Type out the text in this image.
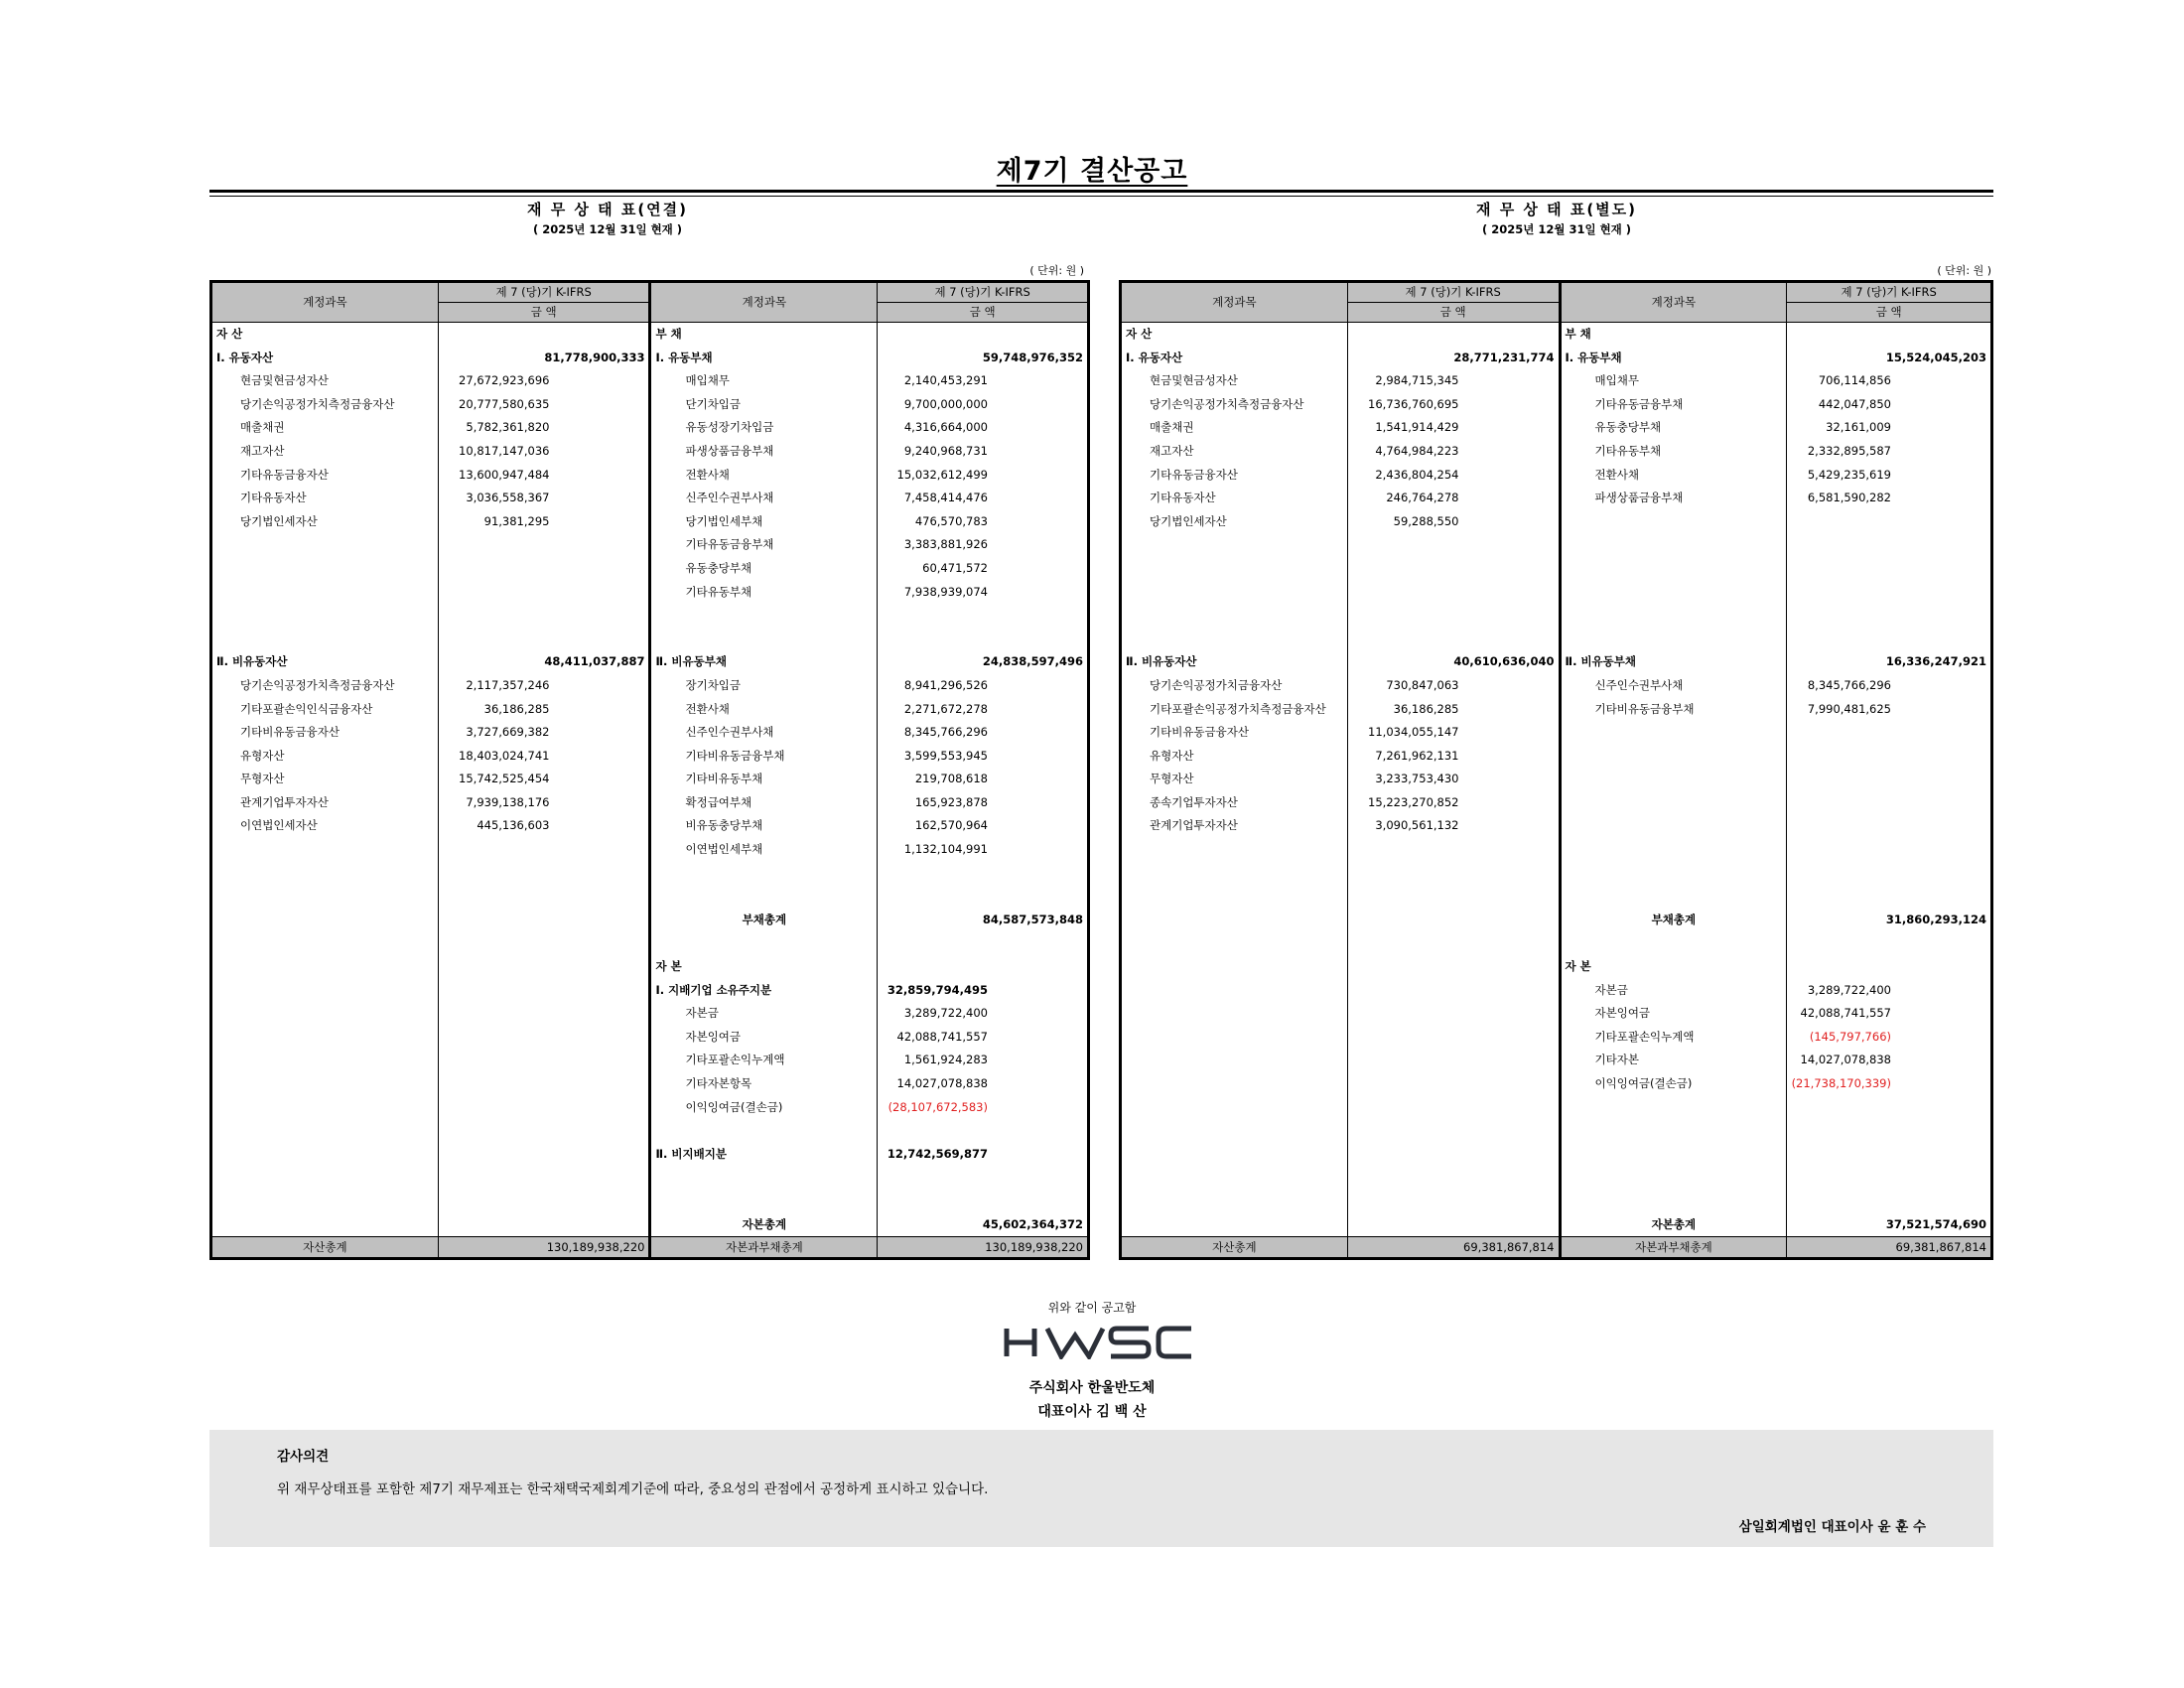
제7기 결산공고
재 무 상 태 표(연결)
( 2025년 12월 31일 현재 )
( 단위: 원 )
재 무 상 태 표(별도)
( 2025년 12월 31일 현재 )
( 단위: 원 )
계정과목	제 7 (당)기 K-IFRS	계정과목	제 7 (당)기 K-IFRS
	금 액		금 액
자 산		부 채	
Ⅰ. 유동자산	81,778,900,333	Ⅰ. 유동부채	59,748,976,352
현금및현금성자산	27,672,923,696	매입채무	2,140,453,291
당기손익공정가치측정금융자산	20,777,580,635	단기차입금	9,700,000,000
매출채권	5,782,361,820	유동성장기차입금	4,316,664,000
재고자산	10,817,147,036	파생상품금융부채	9,240,968,731
기타유동금융자산	13,600,947,484	전환사채	15,032,612,499
기타유동자산	3,036,558,367	신주인수권부사채	7,458,414,476
당기법인세자산	91,381,295	당기법인세부채	476,570,783
		기타유동금융부채	3,383,881,926
		유동충당부채	60,471,572
		기타유동부채	7,938,939,074

Ⅱ. 비유동자산	48,411,037,887	Ⅱ. 비유동부채	24,838,597,496
당기손익공정가치측정금융자산	2,117,357,246	장기차입금	8,941,296,526
기타포괄손익인식금융자산	36,186,285	전환사채	2,271,672,278
기타비유동금융자산	3,727,669,382	신주인수권부사채	8,345,766,296
유형자산	18,403,024,741	기타비유동금융부채	3,599,553,945
무형자산	15,742,525,454	기타비유동부채	219,708,618
관계기업투자자산	7,939,138,176	확정급여부채	165,923,878
이연법인세자산	445,136,603	비유동충당부채	162,570,964
		이연법인세부채	1,132,104,991

		부채총계	84,587,573,848

		자 본	
		Ⅰ. 지배기업 소유주지분	32,859,794,495
		자본금	3,289,722,400
		자본잉여금	42,088,741,557
		기타포괄손익누계액	1,561,924,283
		기타자본항목	14,027,078,838
		이익잉여금(결손금)	(28,107,672,583)

		Ⅱ. 비지배지분	12,742,569,877

		자본총계	45,602,364,372
자산총계	130,189,938,220	자본과부채총계	130,189,938,220
계정과목	제 7 (당)기 K-IFRS	계정과목	제 7 (당)기 K-IFRS
	금 액		금 액
자 산		부 채	
Ⅰ. 유동자산	28,771,231,774	Ⅰ. 유동부채	15,524,045,203
현금및현금성자산	2,984,715,345	매입채무	706,114,856
당기손익공정가치측정금융자산	16,736,760,695	기타유동금융부채	442,047,850
매출채권	1,541,914,429	유동충당부채	32,161,009
재고자산	4,764,984,223	기타유동부채	2,332,895,587
기타유동금융자산	2,436,804,254	전환사채	5,429,235,619
기타유동자산	246,764,278	파생상품금융부채	6,581,590,282
당기법인세자산	59,288,550		

Ⅱ. 비유동자산	40,610,636,040	Ⅱ. 비유동부채	16,336,247,921
당기손익공정가치금융자산	730,847,063	신주인수권부사채	8,345,766,296
기타포괄손익공정가치측정금융자산	36,186,285	기타비유동금융부채	7,990,481,625
기타비유동금융자산	11,034,055,147		
유형자산	7,261,962,131		
무형자산	3,233,753,430		
종속기업투자자산	15,223,270,852		
관계기업투자자산	3,090,561,132		

		부채총계	31,860,293,124

		자 본	
		자본금	3,289,722,400
		자본잉여금	42,088,741,557
		기타포괄손익누계액	(145,797,766)
		기타자본	14,027,078,838
		이익잉여금(결손금)	(21,738,170,339)

		자본총계	37,521,574,690
자산총계	69,381,867,814	자본과부채총계	69,381,867,814
위와 같이 공고함
주식회사 한울반도체
대표이사 김 백 산
감사의견
위 재무상태표를 포함한 제7기 재무제표는 한국채택국제회계기준에 따라, 중요성의 관점에서 공정하게 표시하고 있습니다.
삼일회계법인 대표이사 윤 훈 수
